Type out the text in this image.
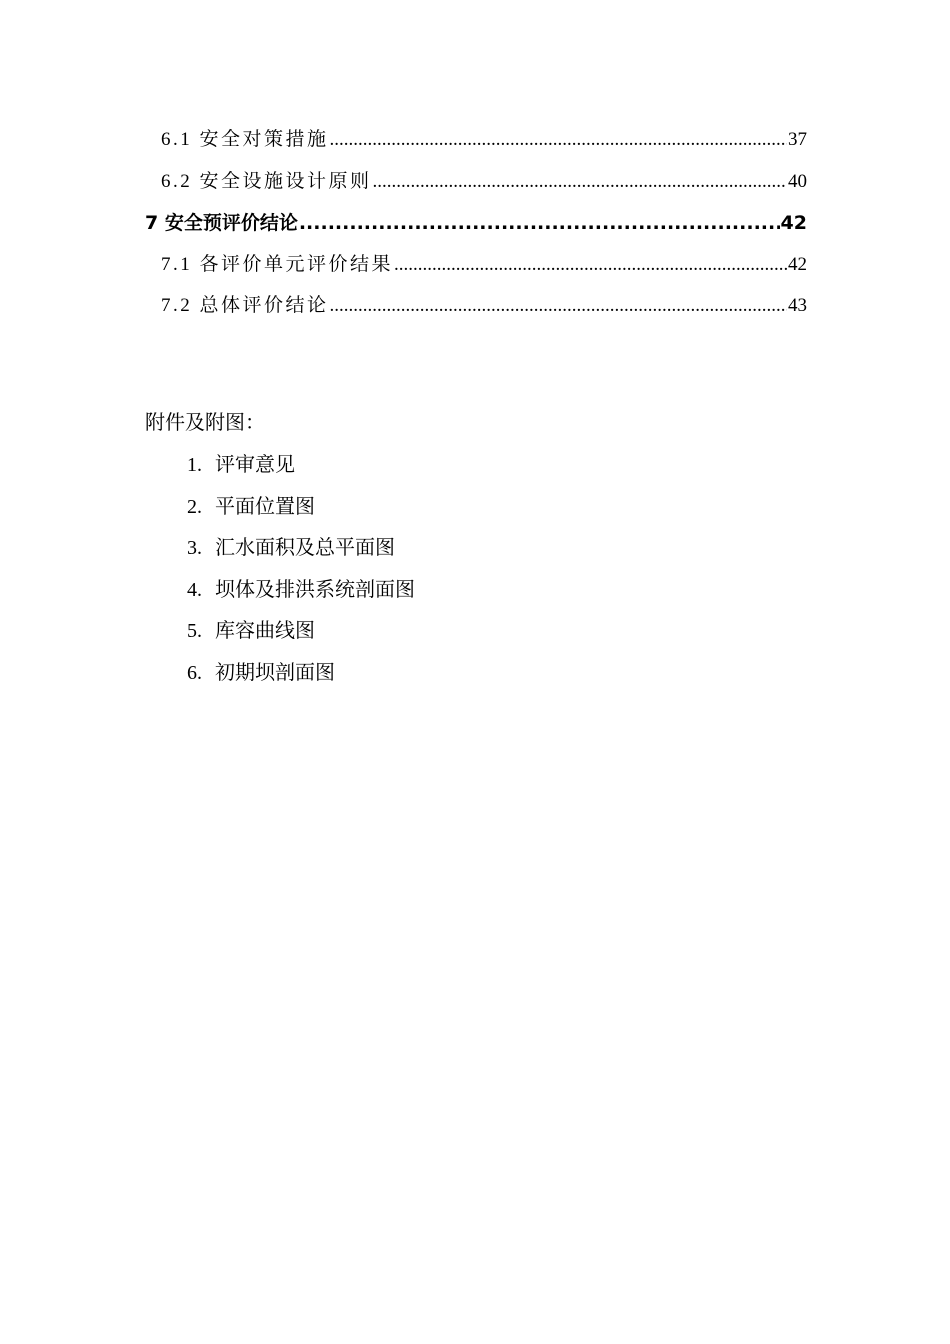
6.1 安全对策措施 .....	37
6.2 安全设施设计原则 .....	40
7 安全预评价结论 .....	42
7.1 各评价单元评价结果 .....	42
7.2 总体评价结论 .....	43
附件及附图：
1. 评审意见
2. 平面位置图
3. 汇水面积及总平面图
4. 坝体及排洪系统剖面图
5. 库容曲线图
6. 初期坝剖面图
